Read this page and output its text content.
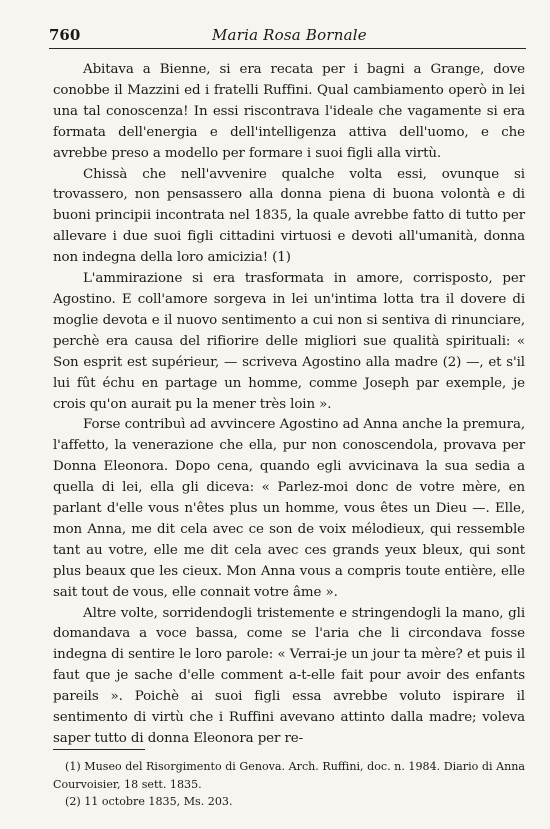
760	Maria Rosa Bornale

Abitava a Bienne, si era recata per i bagni a Grange, dove conobbe il Mazzini ed i fratelli Ruffini. Qual cambiamento operò in lei una tal conoscenza! In essi riscontrava l'ideale che vagamente si era formata dell'energia e dell'intelligenza attiva dell'uomo, e che avrebbe preso a modello per formare i suoi figli alla virtù.

Chissà che nell'avvenire qualche volta essi, ovunque si trovassero, non pensassero alla donna piena di buona volontà e di buoni principii incontrata nel 1835, la quale avrebbe fatto di tutto per allevare i due suoi figli cittadini virtuosi e devoti all'umanità, donna non indegna della loro amicizia! (1)

L'ammirazione si era trasformata in amore, corrisposto, per Agostino. E coll'amore sorgeva in lei un'intima lotta tra il dovere di moglie devota e il nuovo sentimento a cui non si sentiva di rinunciare, perchè era causa del rifiorire delle migliori sue qualità spirituali: « Son esprit est supérieur, — scriveva Agostino alla madre (2) —, et s'il lui fût échu en partage un homme, comme Joseph par exemple, je crois qu'on aurait pu la mener très loin ».

Forse contribuì ad avvincere Agostino ad Anna anche la premura, l'affetto, la venerazione che ella, pur non conoscendola, provava per Donna Eleonora. Dopo cena, quando egli avvicinava la sua sedia a quella di lei, ella gli diceva: « Parlez-moi donc de votre mère, en parlant d'elle vous n'êtes plus un homme, vous êtes un Dieu —. Elle, mon Anna, me dit cela avec ce son de voix mélodieux, qui ressemble tant au votre, elle me dit cela avec ces grands yeux bleux, qui sont plus beaux que les cieux. Mon Anna vous a compris toute entière, elle sait tout de vous, elle connait votre âme ».

Altre volte, sorridendogli tristemente e stringendogli la mano, gli domandava a voce bassa, come se l'aria che li circondava fosse indegna di sentire le loro parole: « Verrai-je un jour ta mère? et puis il faut que je sache d'elle comment a-t-elle fait pour avoir des enfants pareils ». Poichè ai suoi figli essa avrebbe voluto ispirare il sentimento di virtù che i Ruffini avevano attinto dalla madre; voleva saper tutto di donna Eleonora per re-

(1) Museo del Risorgimento di Genova. Arch. Ruffini, doc. n. 1984. Diario di Anna Courvoisier, 18 sett. 1835.

(2) 11 octobre 1835, Ms. 203.
